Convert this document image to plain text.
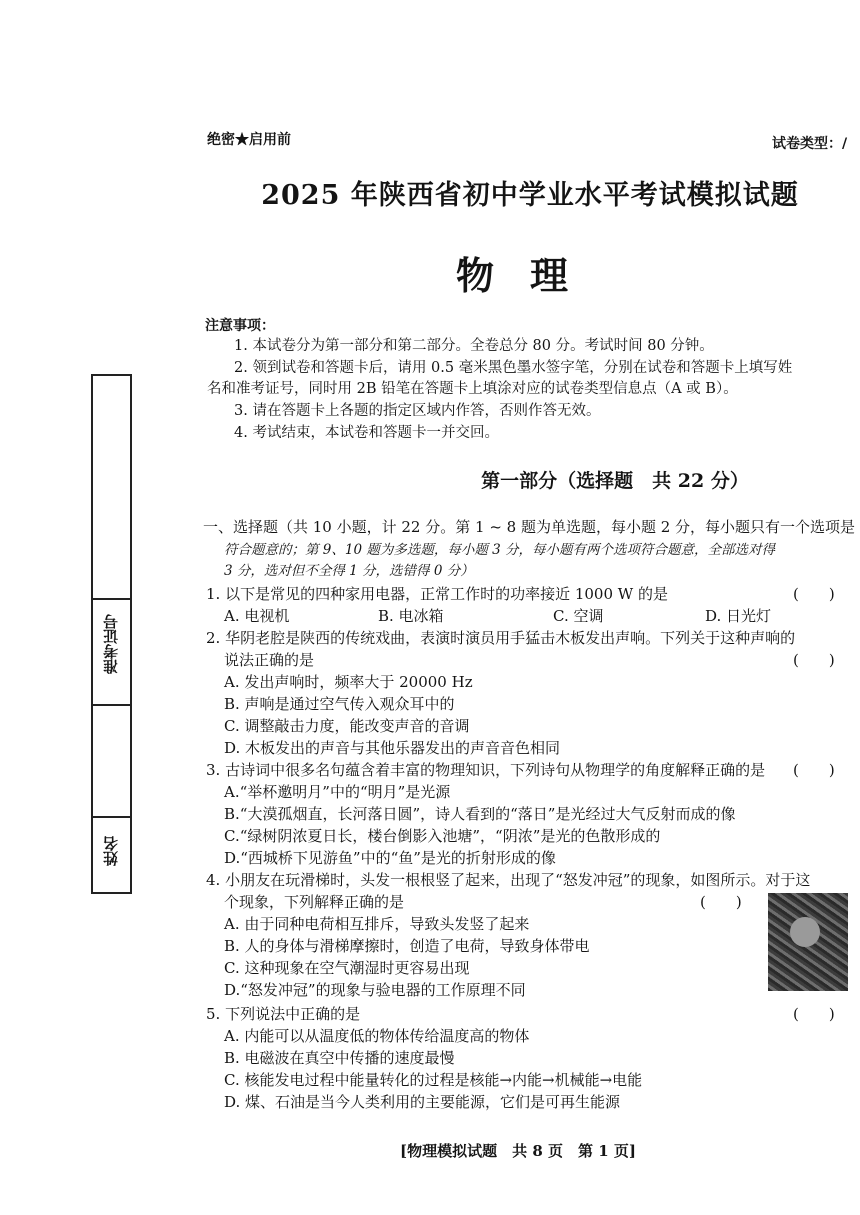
绝密★启用前	试卷类型：/
2025 年陕西省初中学业水平考试模拟试题
物理
注意事项：
1. 本试卷分为第一部分和第二部分。全卷总分 80 分。考试时间 80 分钟。
2. 领到试卷和答题卡后，请用 0.5 毫米黑色墨水签字笔，分别在试卷和答题卡上填写姓
名和准考证号，同时用 2B 铅笔在答题卡上填涂对应的试卷类型信息点（A 或 B）。
3. 请在答题卡上各题的指定区域内作答，否则作答无效。
4. 考试结束，本试卷和答题卡一并交回。
第一部分（选择题　共 22 分）
一、选择题（共 10 小题，计 22 分。第 1 ~ 8 题为单选题，每小题 2 分，每小题只有一个选项是
符合题意的；第 9、10 题为多选题，每小题 3 分，每小题有两个选项符合题意，全部选对得
3 分，选对但不全得 1 分，选错得 0 分）
1. 以下是常见的四种家用电器，正常工作时的功率接近 1000 W 的是	(　　)
A. 电视机	B. 电冰箱	C. 空调	D. 日光灯
2. 华阴老腔是陕西的传统戏曲，表演时演员用手猛击木板发出声响。下列关于这种声响的
说法正确的是	(　　)
A. 发出声响时，频率大于 20000 Hz
B. 声响是通过空气传入观众耳中的
C. 调整敲击力度，能改变声音的音调
D. 木板发出的声音与其他乐器发出的声音音色相同
3. 古诗词中很多名句蕴含着丰富的物理知识，下列诗句从物理学的角度解释正确的是 (　　)
A.“举杯邀明月”中的“明月”是光源
B.“大漠孤烟直，长河落日圆”，诗人看到的“落日”是光经过大气反射而成的像
C.“绿树阴浓夏日长，楼台倒影入池塘”，“阴浓”是光的色散形成的
D.“西城桥下见游鱼”中的“鱼”是光的折射形成的像
4. 小朋友在玩滑梯时，头发一根根竖了起来，出现了“怒发冲冠”的现象，如图所示。对于这
个现象，下列解释正确的是	(　　)
A. 由于同种电荷相互排斥，导致头发竖了起来
B. 人的身体与滑梯摩擦时，创造了电荷，导致身体带电
C. 这种现象在空气潮湿时更容易出现
D.“怒发冲冠”的现象与验电器的工作原理不同
5. 下列说法中正确的是	(　　)
A. 内能可以从温度低的物体传给温度高的物体
B. 电磁波在真空中传播的速度最慢
C. 核能发电过程中能量转化的过程是核能→内能→机械能→电能
D. 煤、石油是当今人类利用的主要能源，它们是可再生能源
准考证号
姓名
[物理模拟试题　共 8 页　第 1 页]
